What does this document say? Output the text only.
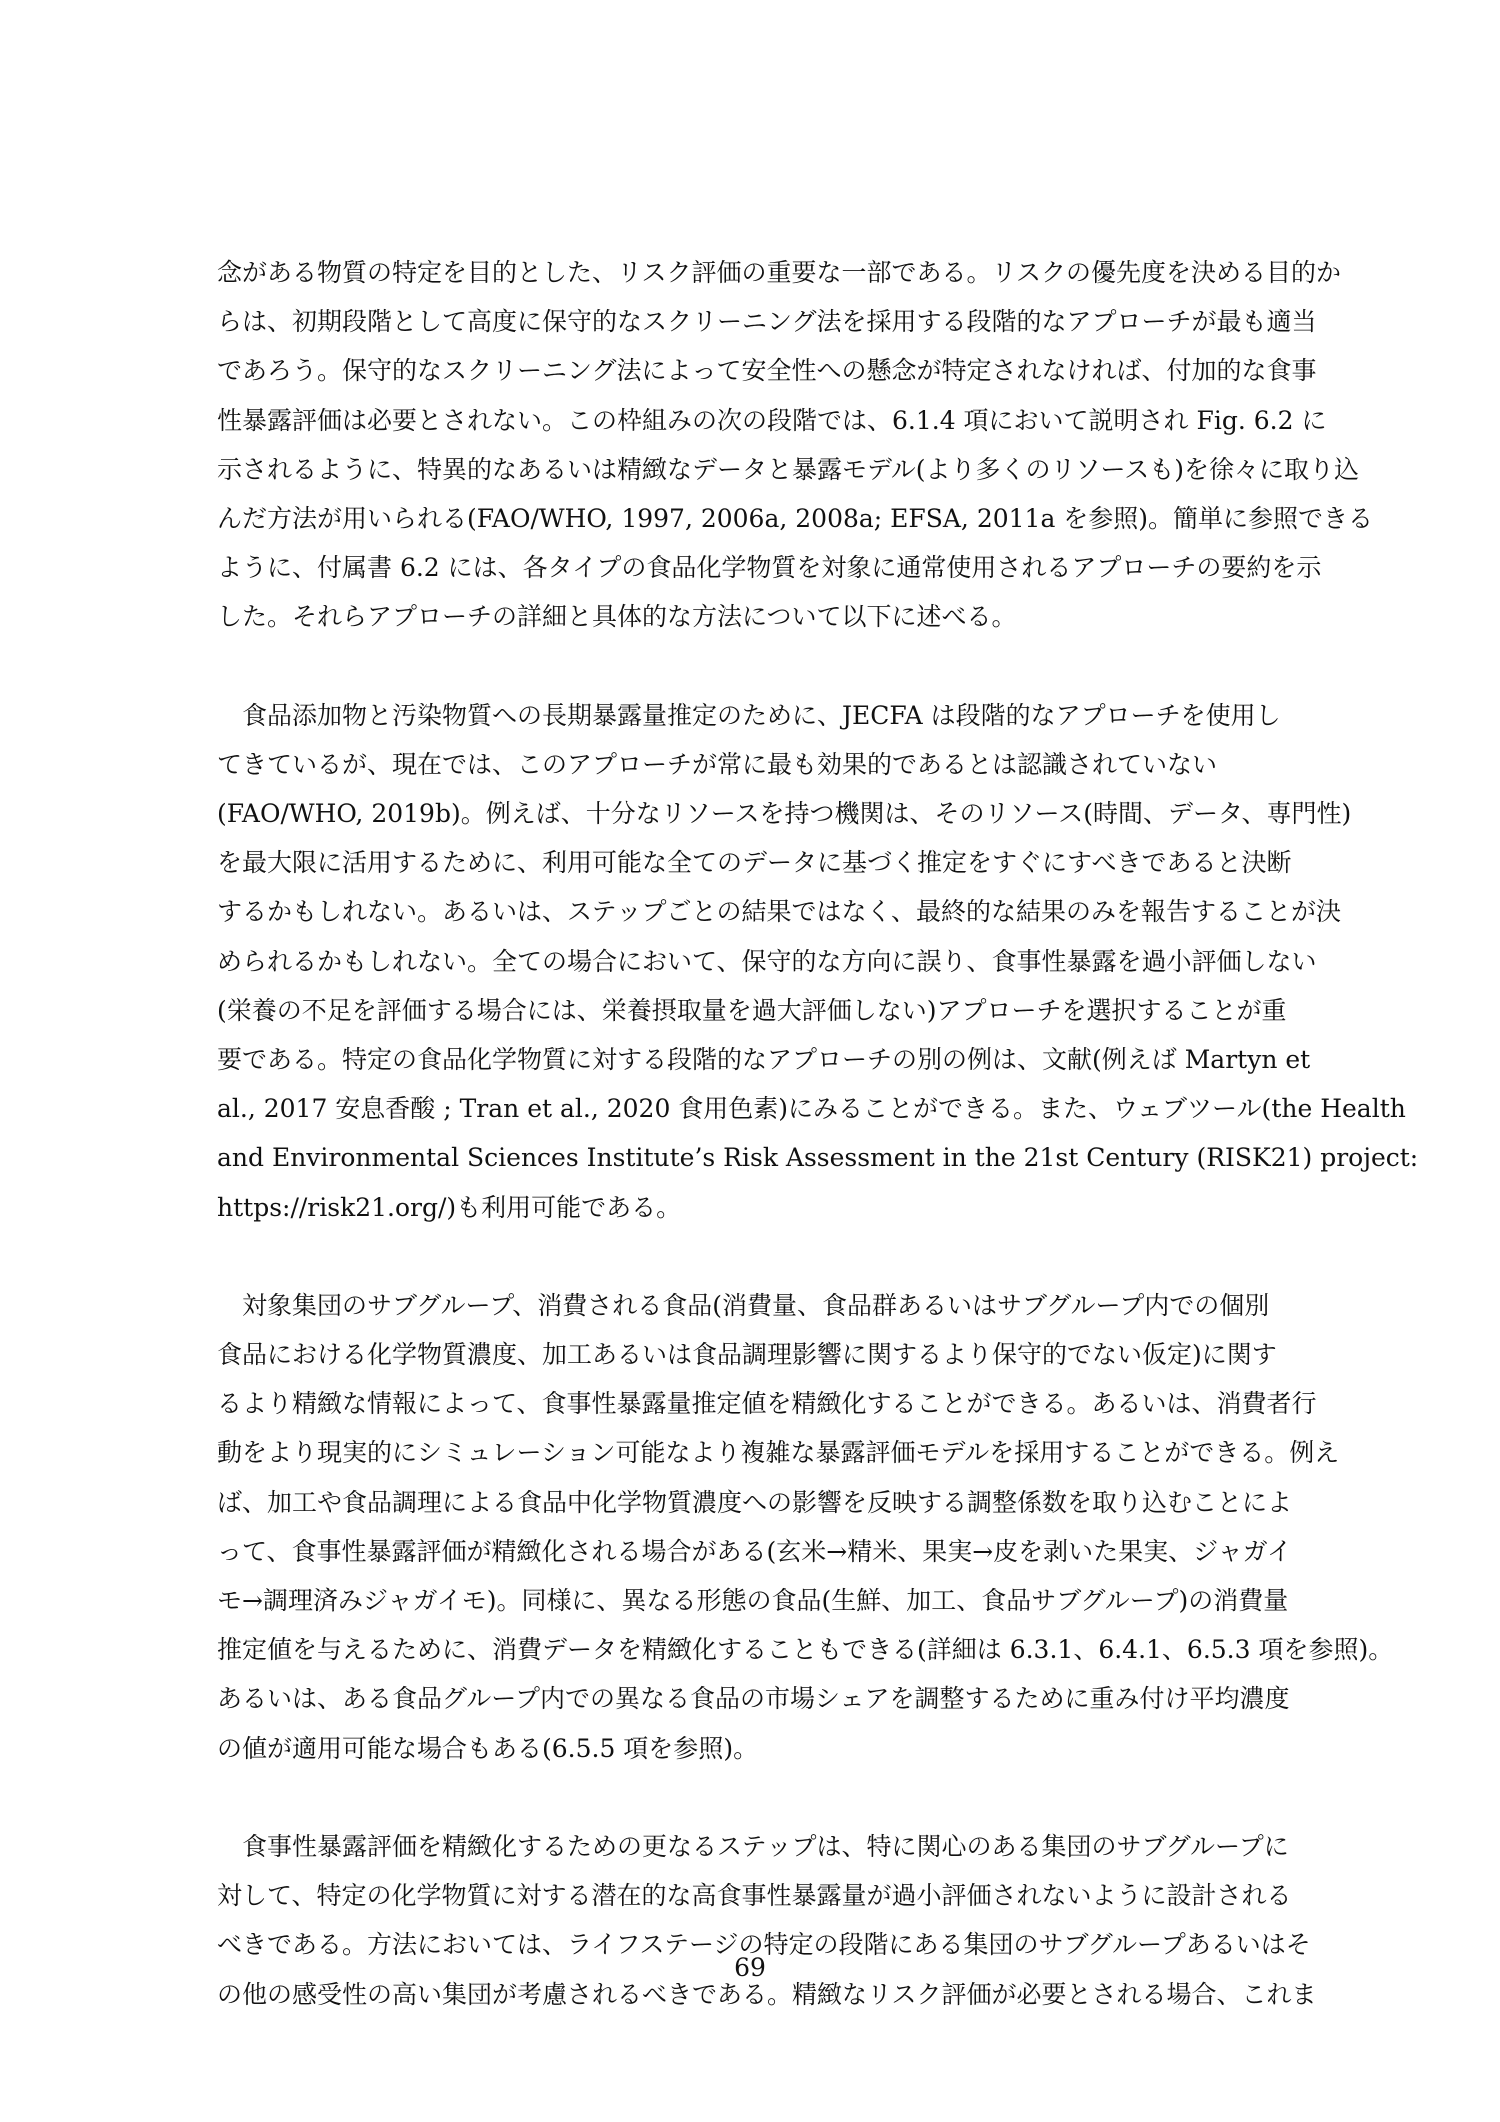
念がある物質の特定を目的とした、リスク評価の重要な一部である。リスクの優先度を決める目的か
らは、初期段階として高度に保守的なスクリーニング法を採用する段階的なアプローチが最も適当
であろう。保守的なスクリーニング法によって安全性への懸念が特定されなければ、付加的な食事
性暴露評価は必要とされない。この枠組みの次の段階では、6.1.4 項において説明され Fig. 6.2 に
示されるように、特異的なあるいは精緻なデータと暴露モデル(より多くのリソースも)を徐々に取り込
んだ方法が用いられる(FAO/WHO, 1997, 2006a, 2008a; EFSA, 2011a を参照)。簡単に参照できる
ように、付属書 6.2 には、各タイプの食品化学物質を対象に通常使用されるアプローチの要約を示
した。それらアプローチの詳細と具体的な方法について以下に述べる。

食品添加物と汚染物質への長期暴露量推定のために、JECFA は段階的なアプローチを使用し
てきているが、現在では、このアプローチが常に最も効果的であるとは認識されていない
(FAO/WHO, 2019b)。例えば、十分なリソースを持つ機関は、そのリソース(時間、データ、専門性)
を最大限に活用するために、利用可能な全てのデータに基づく推定をすぐにすべきであると決断
するかもしれない。あるいは、ステップごとの結果ではなく、最終的な結果のみを報告することが決
められるかもしれない。全ての場合において、保守的な方向に誤り、食事性暴露を過小評価しない
(栄養の不足を評価する場合には、栄養摂取量を過大評価しない)アプローチを選択することが重
要である。特定の食品化学物質に対する段階的なアプローチの別の例は、文献(例えば Martyn et
al., 2017 安息香酸 ; Tran et al., 2020 食用色素)にみることができる。また、ウェブツール(the Health
and Environmental Sciences Institute’s Risk Assessment in the 21st Century (RISK21) project:
https://risk21.org/)も利用可能である。

対象集団のサブグループ、消費される食品(消費量、食品群あるいはサブグループ内での個別
食品における化学物質濃度、加工あるいは食品調理影響に関するより保守的でない仮定)に関す
るより精緻な情報によって、食事性暴露量推定値を精緻化することができる。あるいは、消費者行
動をより現実的にシミュレーション可能なより複雑な暴露評価モデルを採用することができる。例え
ば、加工や食品調理による食品中化学物質濃度への影響を反映する調整係数を取り込むことによ
って、食事性暴露評価が精緻化される場合がある(玄米→精米、果実→皮を剥いた果実、ジャガイ
モ→調理済みジャガイモ)。同様に、異なる形態の食品(生鮮、加工、食品サブグループ)の消費量
推定値を与えるために、消費データを精緻化することもできる(詳細は 6.3.1、6.4.1、6.5.3 項を参照)。
あるいは、ある食品グループ内での異なる食品の市場シェアを調整するために重み付け平均濃度
の値が適用可能な場合もある(6.5.5 項を参照)。

食事性暴露評価を精緻化するための更なるステップは、特に関心のある集団のサブグループに
対して、特定の化学物質に対する潜在的な高食事性暴露量が過小評価されないように設計される
べきである。方法においては、ライフステージの特定の段階にある集団のサブグループあるいはそ
の他の感受性の高い集団が考慮されるべきである。精緻なリスク評価が必要とされる場合、これま

69
